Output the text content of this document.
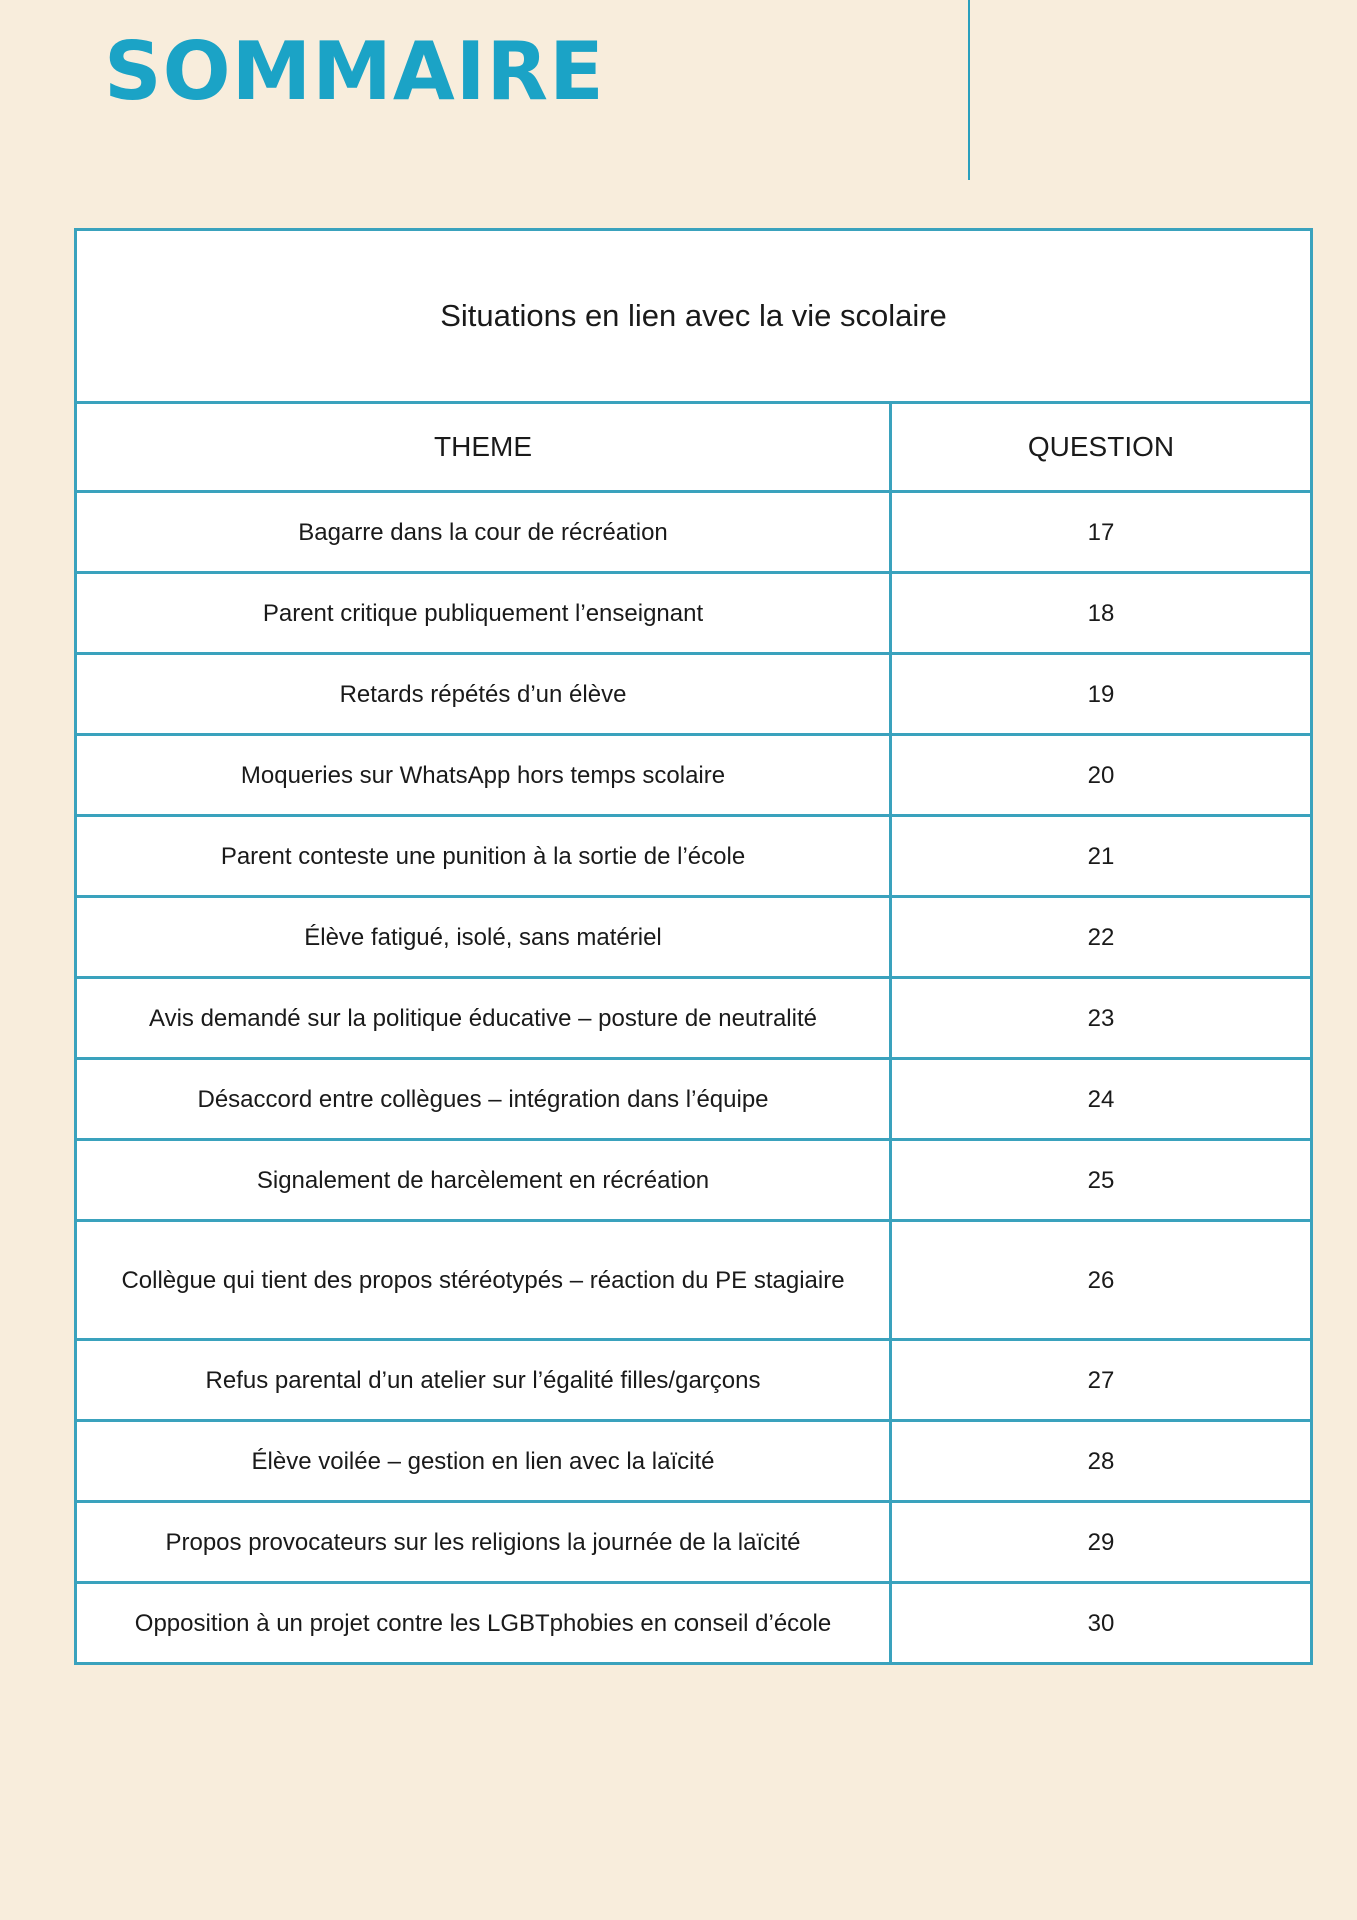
SOMMAIRE
Situations en lien avec la vie scolaire	
THEME	QUESTION
Bagarre dans la cour de récréation	17
Parent critique publiquement l’enseignant	18
Retards répétés d’un élève	19
Moqueries sur WhatsApp hors temps scolaire	20
Parent conteste une punition à la sortie de l’école	21
Élève fatigué, isolé, sans matériel	22
Avis demandé sur la politique éducative – posture de neutralité	23
Désaccord entre collègues – intégration dans l’équipe	24
Signalement de harcèlement en récréation	25
Collègue qui tient des propos stéréotypés – réaction du PE stagiaire	26
Refus parental d’un atelier sur l’égalité filles/garçons	27
Élève voilée – gestion en lien avec la laïcité	28
Propos provocateurs sur les religions la journée de la laïcité	29
Opposition à un projet contre les LGBTphobies en conseil d’école	30
